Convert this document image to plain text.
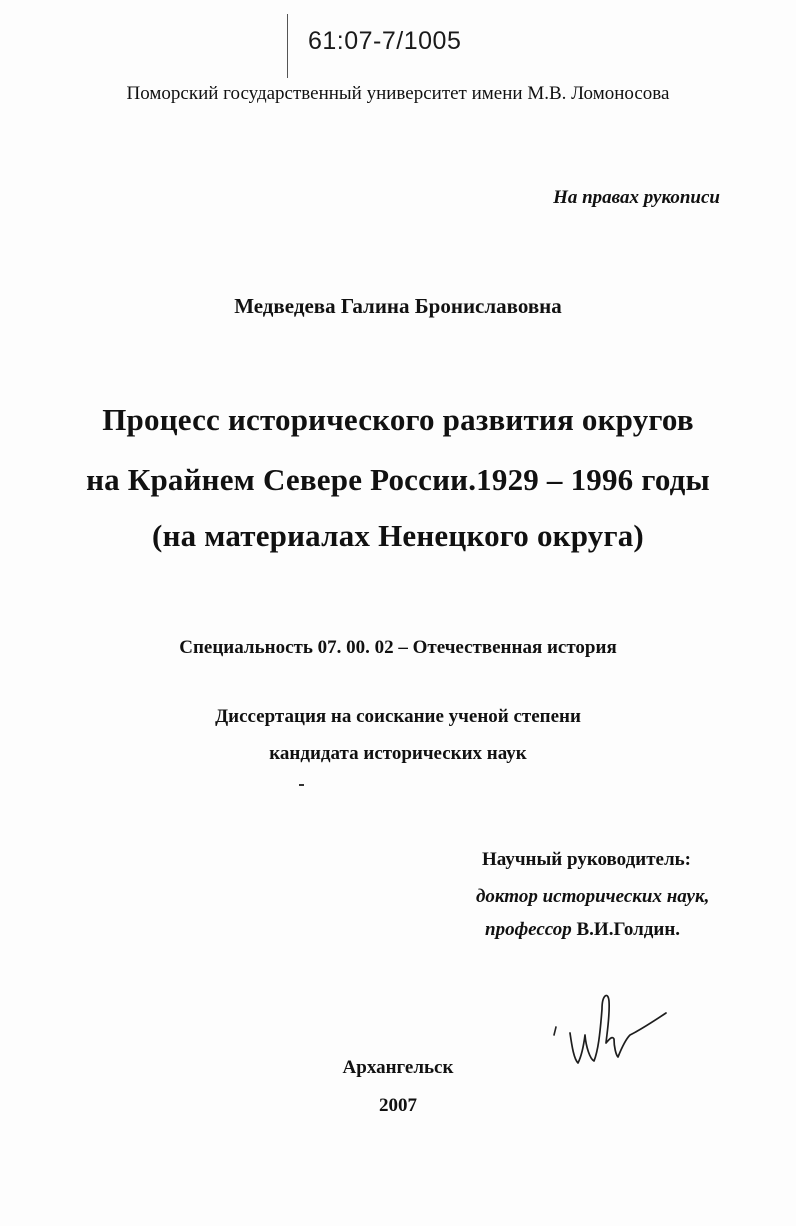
61:07-7/1005
Поморский государственный университет имени М.В. Ломоносова
На правах рукописи
Медведева Галина Брониславовна
Процесс исторического развития округов
на Крайнем Севере России.1929 – 1996 годы
(на материалах Ненецкого округа)
Специальность 07. 00. 02 – Отечественная история
Диссертация на соискание ученой степени
кандидата исторических наук
Научный руководитель:
доктор исторических наук,
профессор В.И.Голдин.
Архангельск
2007
